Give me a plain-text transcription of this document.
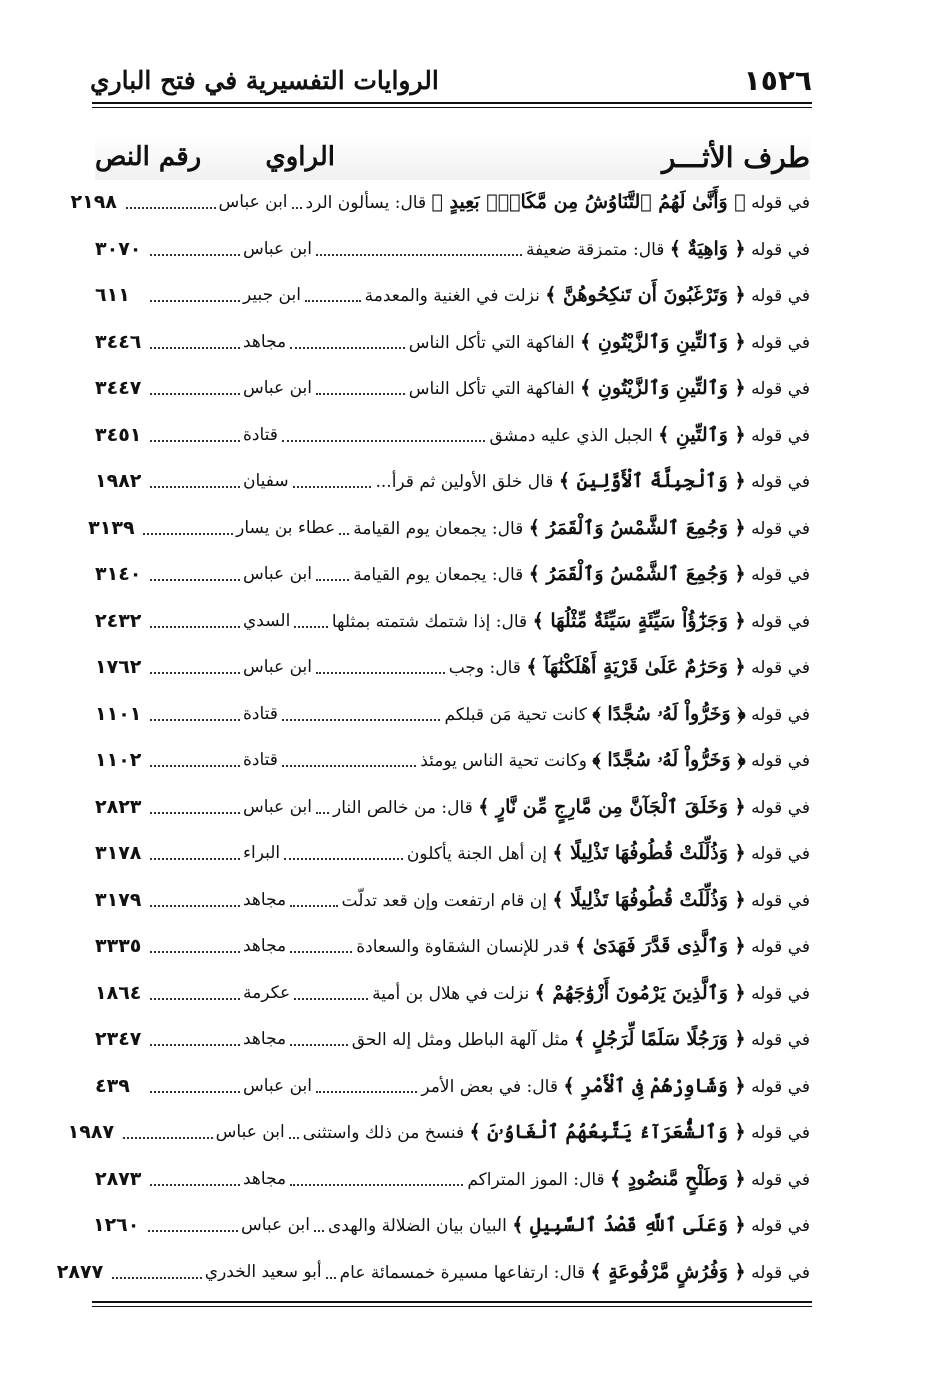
١٥٢٦
الروايات التفسيرية في فتح الباري
طرف الأثـــر
الراوي
رقم النص
في قوله ﴿ وَأَنَّىٰ لَهُمُ ٱلتَّنَاوُشُ مِن مَّكَانٍۭ بَعِيدٍ ﴾ قال: يسألون الرد
ابن عباس
٢١٩٨
في قوله ﴿ وَاهِيَةٌ ﴾ قال: متمزقة ضعيفة
ابن عباس
٣٠٧٠
في قوله ﴿ وَتَرْغَبُونَ أَن تَنكِحُوهُنَّ ﴾ نزلت في الغنية والمعدمة
ابن جبير
٦١١
في قوله ﴿ وَٱلتِّينِ وَٱلزَّيْتُونِ ﴾ الفاكهة التي تأكل الناس
مجاهد
٣٤٤٦
في قوله ﴿ وَٱلتِّينِ وَٱلزَّيْتُونِ ﴾ الفاكهة التي تأكل الناس
ابن عباس
٣٤٤٧
في قوله ﴿ وَٱلتِّينِ ﴾ الجبل الذي عليه دمشق
قتادة
٣٤٥١
في قوله ﴿ وَٱلْجِبِلَّةَ ٱلْأَوَّلِينَ ﴾ قال خلق الأولين ثم قرأ...
سفيان
١٩٨٢
في قوله ﴿ وَجُمِعَ ٱلشَّمْسُ وَٱلْقَمَرُ ﴾ قال: يجمعان يوم القيامة
عطاء بن يسار
٣١٣٩
في قوله ﴿ وَجُمِعَ ٱلشَّمْسُ وَٱلْقَمَرُ ﴾ قال: يجمعان يوم القيامة
ابن عباس
٣١٤٠
في قوله ﴿ وَجَزَٰٓؤُاْ سَيِّئَةٍ سَيِّئَةٌ مِّثْلُهَا ﴾ قال: إذا شتمك شتمته بمثلها
السدي
٢٤٣٢
في قوله ﴿ وَحَرَٰمٌ عَلَىٰ قَرْيَةٍ أَهْلَكْنَٰهَآ ﴾ قال: وجب
ابن عباس
١٧٦٢
في قوله ﴿ وَخَرُّواْ لَهُۥ سُجَّدًا ﴾ كانت تحية مَن قبلكم
قتادة
١١٠١
في قوله ﴿ وَخَرُّواْ لَهُۥ سُجَّدًا ﴾ وكانت تحية الناس يومئذ
قتادة
١١٠٢
في قوله ﴿ وَخَلَقَ ٱلْجَآنَّ مِن مَّارِجٍ مِّن نَّارٍ ﴾ قال: من خالص النار
ابن عباس
٢٨٢٣
في قوله ﴿ وَذُلِّلَتْ قُطُوفُهَا تَذْلِيلًا ﴾ إن أهل الجنة يأكلون
البراء
٣١٧٨
في قوله ﴿ وَذُلِّلَتْ قُطُوفُهَا تَذْلِيلًا ﴾ إن قام ارتفعت وإن قعد تدلّت
مجاهد
٣١٧٩
في قوله ﴿ وَٱلَّذِى قَدَّرَ فَهَدَىٰ ﴾ قدر للإنسان الشقاوة والسعادة
مجاهد
٣٣٣٥
في قوله ﴿ وَٱلَّذِينَ يَرْمُونَ أَزْوَٰجَهُمْ ﴾ نزلت في هلال بن أمية
عكرمة
١٨٦٤
في قوله ﴿ وَرَجُلًا سَلَمًا لِّرَجُلٍ ﴾ مثل آلهة الباطل ومثل إله الحق
مجاهد
٢٣٤٧
في قوله ﴿ وَشَاوِرْهُمْ فِى ٱلْأَمْرِ ﴾ قال: في بعض الأمر
ابن عباس
٤٣٩
في قوله ﴿ وَٱلشُّعَرَآءُ يَتَّبِعُهُمُ ٱلْغَاوُۥنَ ﴾ فنسخ من ذلك واستثنى
ابن عباس
١٩٨٧
في قوله ﴿ وَطَلْحٍ مَّنضُودٍ ﴾ قال: الموز المتراكم
مجاهد
٢٨٧٣
في قوله ﴿ وَعَلَى ٱللَّهِ قَصْدُ ٱلسَّبِيلِ ﴾ البيان بيان الضلالة والهدى
ابن عباس
١٢٦٠
في قوله ﴿ وَفُرُشٍ مَّرْفُوعَةٍ ﴾ قال: ارتفاعها مسيرة خمسمائة عام
أبو سعيد الخدري
٢٨٧٧
